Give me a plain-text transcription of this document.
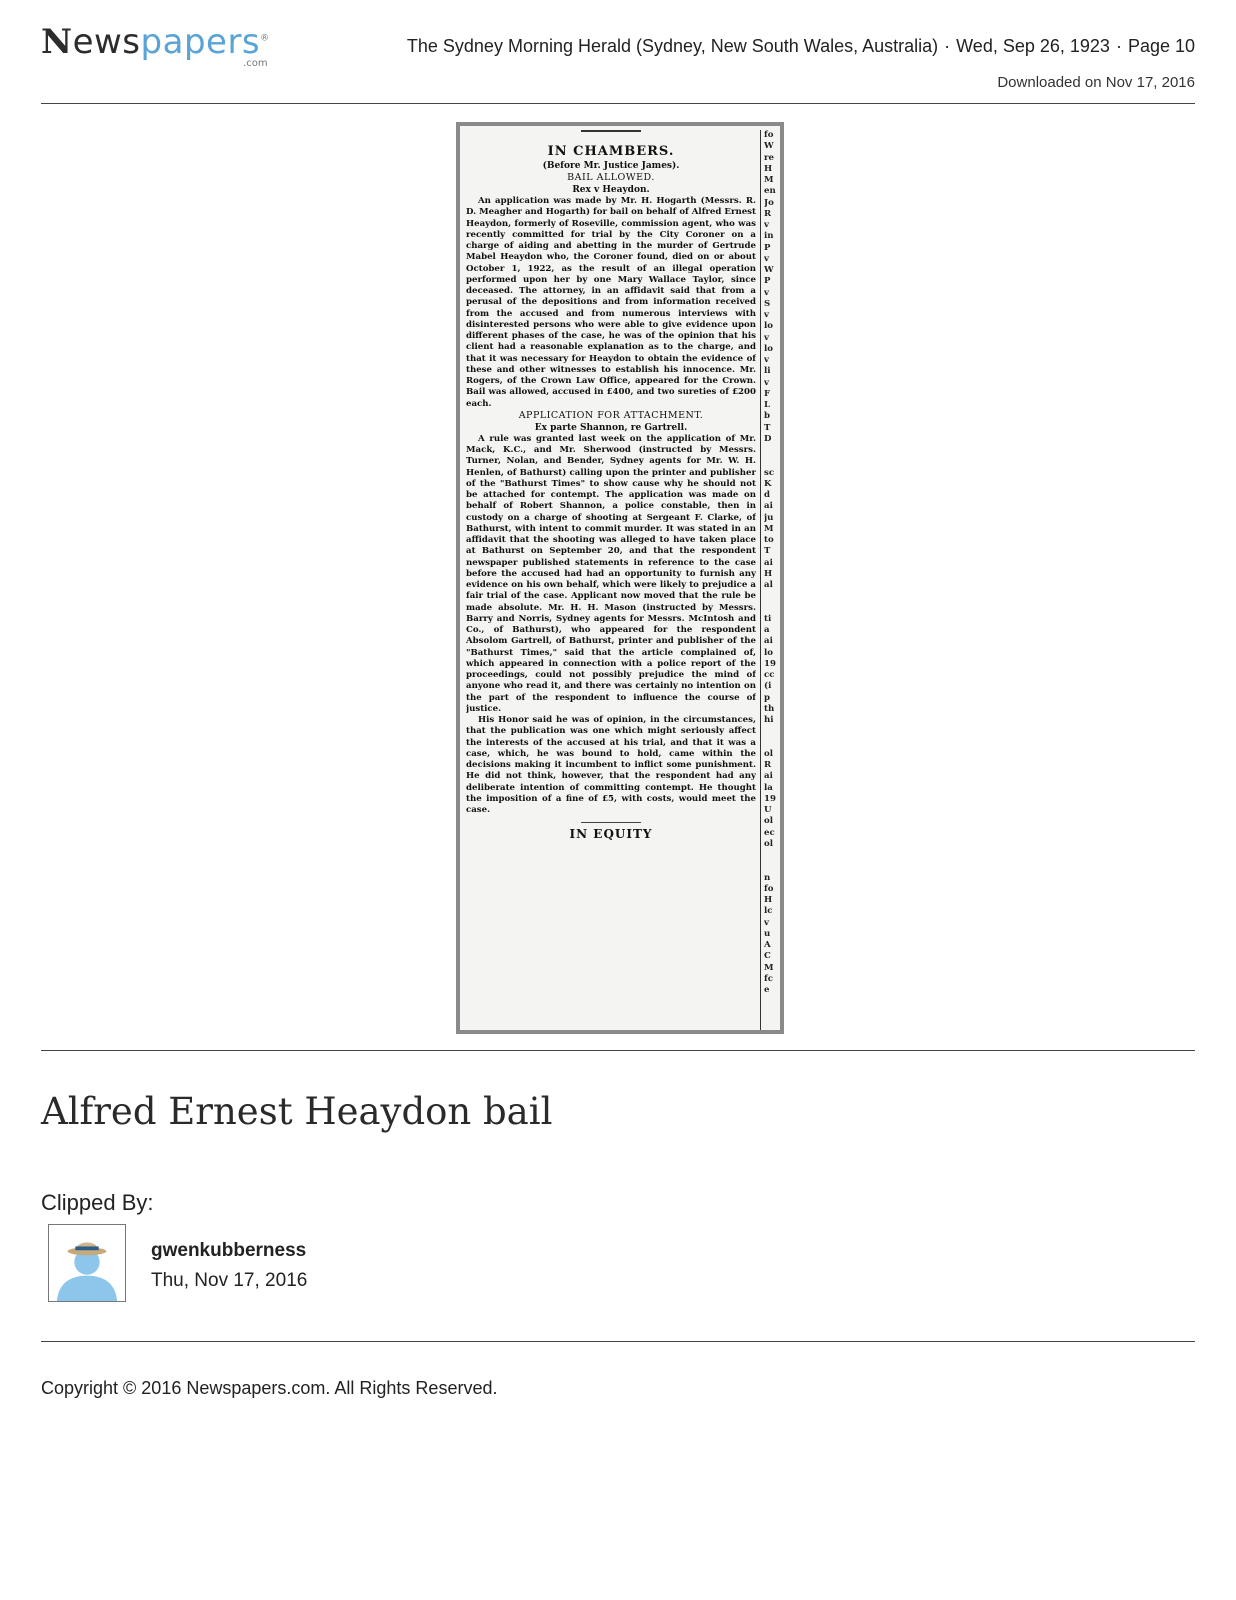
Newspapers®
.com
The Sydney Morning Herald (Sydney, New South Wales, Australia) · Wed, Sep 26, 1923 · Page 10
Downloaded on Nov 17, 2016
IN CHAMBERS.
(Before Mr. Justice James).
BAIL ALLOWED.
Rex v Heaydon.

An application was made by Mr. H. Hogarth (Messrs. R. D. Meagher and Hogarth) for bail on behalf of Alfred Ernest Heaydon, formerly of Roseville, commission agent, who was recently committed for trial by the City Coroner on a charge of aiding and abetting in the murder of Gertrude Mabel Heaydon who, the Coroner found, died on or about October 1, 1922, as the result of an illegal operation performed upon her by one Mary Wallace Taylor, since deceased. The attorney, in an affidavit said that from a perusal of the depositions and from information received from the accused and from numerous interviews with disinterested persons who were able to give evidence upon different phases of the case, he was of the opinion that his client had a reasonable explanation as to the charge, and that it was necessary for Heaydon to obtain the evidence of these and other witnesses to establish his innocence. Mr. Rogers, of the Crown Law Office, appeared for the Crown. Bail was allowed, accused in £400, and two sureties of £200 each.

APPLICATION FOR ATTACHMENT.
Ex parte Shannon, re Gartrell.

A rule was granted last week on the application of Mr. Mack, K.C., and Mr. Sherwood (instructed by Messrs. Turner, Nolan, and Bender, Sydney agents for Mr. W. H. Henlen, of Bathurst) calling upon the printer and publisher of the "Bathurst Times" to show cause why he should not be attached for contempt. The application was made on behalf of Robert Shannon, a police constable, then in custody on a charge of shooting at Sergeant F. Clarke, of Bathurst, with intent to commit murder. It was stated in an affidavit that the shooting was alleged to have taken place at Bathurst on September 20, and that the respondent newspaper published statements in reference to the case before the accused had had an opportunity to furnish any evidence on his own behalf, which were likely to prejudice a fair trial of the case. Applicant now moved that the rule be made absolute. Mr. H. H. Mason (instructed by Messrs. Barry and Norris, Sydney agents for Messrs. McIntosh and Co., of Bathurst), who appeared for the respondent Absolom Gartrell, of Bathurst, printer and publisher of the "Bathurst Times," said that the article complained of, which appeared in connection with a police report of the proceedings, could not possibly prejudice the mind of anyone who read it, and there was certainly no intention on the part of the respondent to influence the course of justice.

His Honor said he was of opinion, in the circumstances, that the publication was one which might seriously affect the interests of the accused at his trial, and that it was a case, which, he was bound to hold, came within the decisions making it incumbent to inflict some punishment. He did not think, however, that the respondent had any deliberate intention of committing contempt. He thought the imposition of a fine of £5, with costs, would meet the case.

IN EQUITY
fo
W
re
H
M
en
Jo
R
v
in
P
v
W
P
v
S
v
lo
v
lo
v
li
v
F
L
b
T
D

sc
K
d
ai
ju
M
to
T
ai
H
al

ti
a
ai
lo
19
cc
(i
p
th
hi

ol
R
ai
la
19
U
ol
ec
ol

n
fo
H
lc
v
u
A
C
M
fc
e
Alfred Ernest Heaydon bail
Clipped By:
gwenkubberness
Thu, Nov 17, 2016
Copyright © 2016 Newspapers.com. All Rights Reserved.
